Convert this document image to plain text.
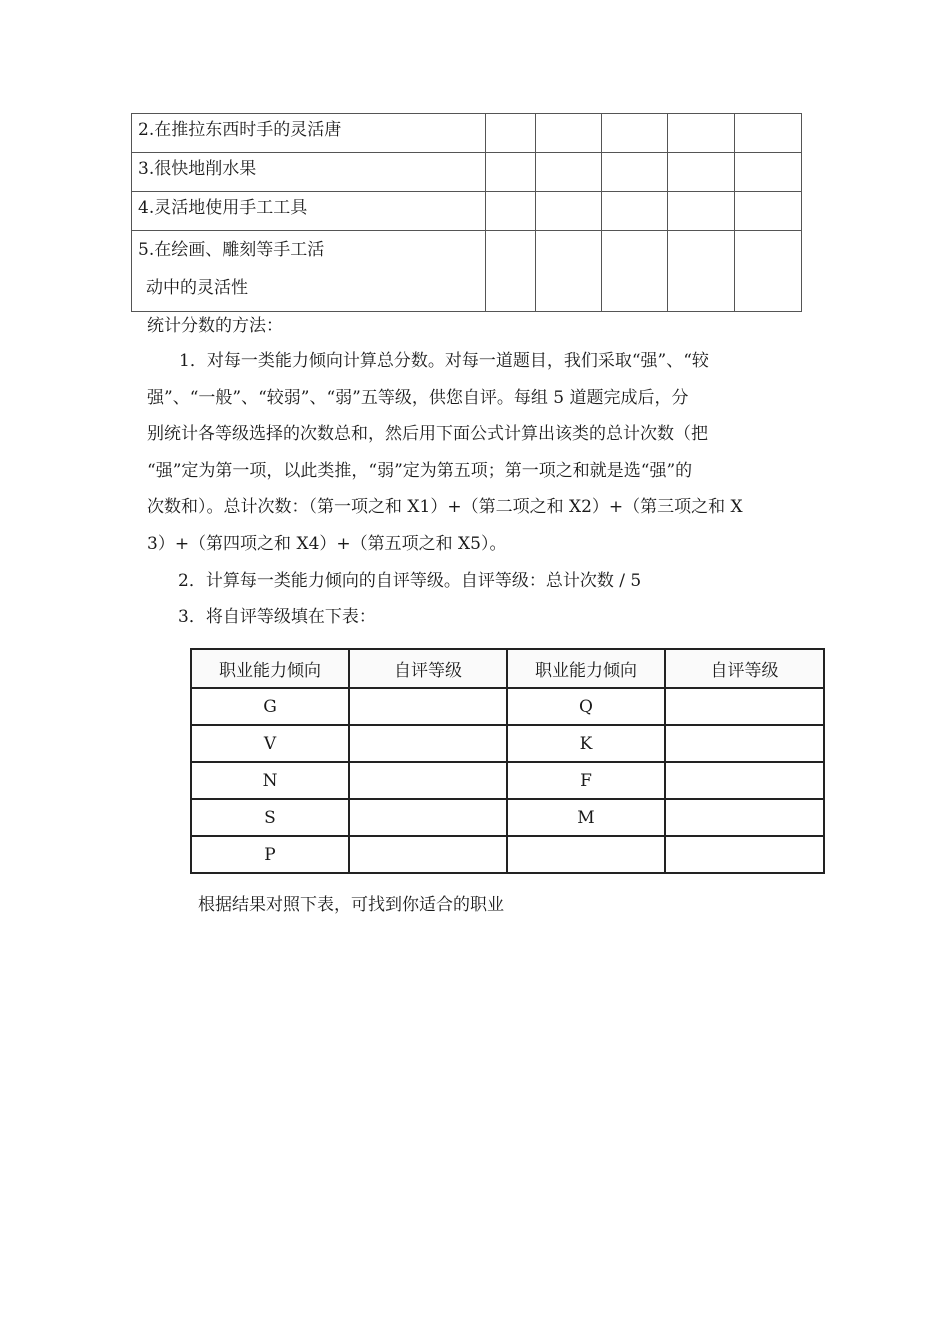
2.在推拉东西时手的灵活唐					
3.很快地削水果					
4.灵活地使用手工工具					
5.在绘画、雕刻等手工活
动中的灵活性					

统计分数的方法：

1．对每一类能力倾向计算总分数。对每一道题目，我们采取“强”、“较

强”、“一般”、“较弱”、“弱”五等级，供您自评。每组 5 道题完成后，分

别统计各等级选择的次数总和，然后用下面公式计算出该类的总计次数（把

“强”定为第一项，以此类推，“弱”定为第五项；第一项之和就是选“强”的

次数和）。总计次数：（第一项之和 X1）+（第二项之和 X2）+（第三项之和 X

3）+（第四项之和 X4）+（第五项之和 X5）。

2．计算每一类能力倾向的自评等级。自评等级：总计次数 / 5
3．将自评等级填在下表：
职业能力倾向	自评等级	职业能力倾向	自评等级
G		Q	
V		K	
N		F	
S		M	
P			
根据结果对照下表，可找到你适合的职业
